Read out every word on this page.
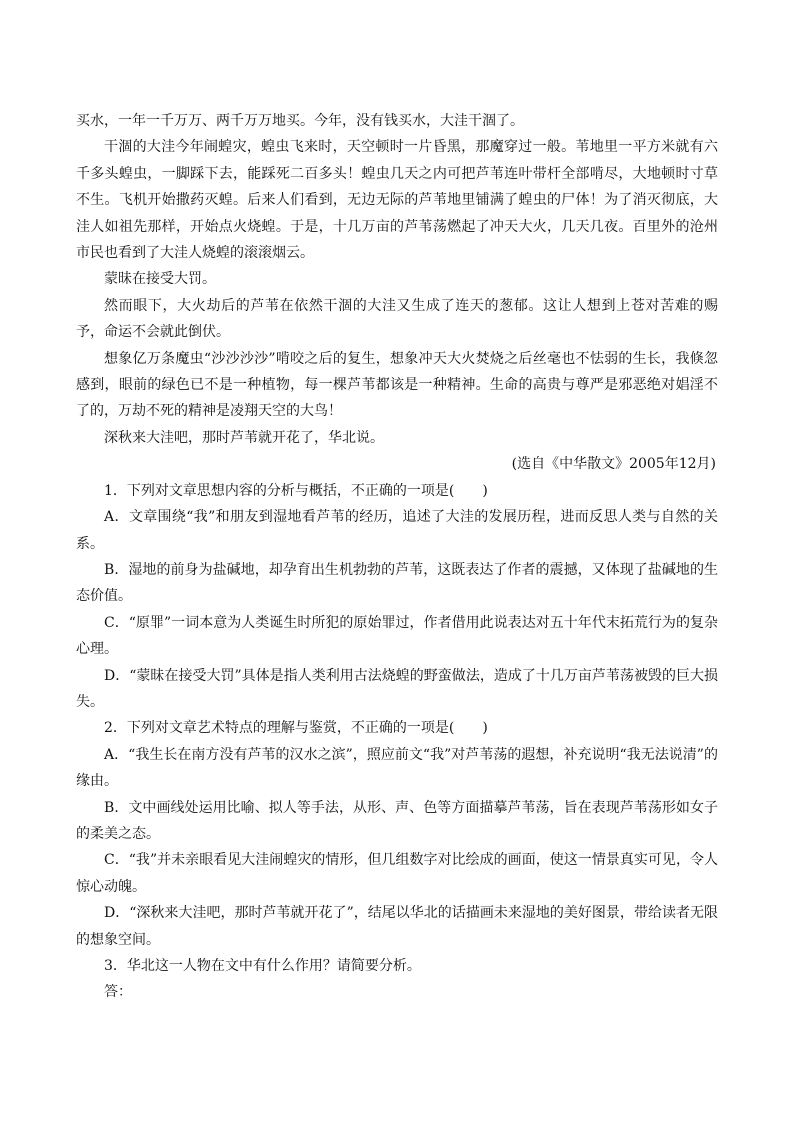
买水，一年一千万万、两千万万地买。今年，没有钱买水，大洼干涸了。

干涸的大洼今年闹蝗灾，蝗虫飞来时，天空顿时一片昏黑，那魔穿过一般。苇地里一平方米就有六千多头蝗虫，一脚踩下去，能踩死二百多头！蝗虫几天之内可把芦苇连叶带杆全部啃尽，大地顿时寸草不生。飞机开始撒药灭蝗。后来人们看到，无边无际的芦苇地里铺满了蝗虫的尸体！为了消灭彻底，大洼人如祖先那样，开始点火烧蝗。于是，十几万亩的芦苇荡燃起了冲天大火，几天几夜。百里外的沧州市民也看到了大洼人烧蝗的滚滚烟云。

蒙昧在接受大罚。

然而眼下，大火劫后的芦苇在依然干涸的大洼又生成了连天的葱郁。这让人想到上苍对苦难的赐予，命运不会就此倒伏。

想象亿万条魔虫“沙沙沙沙”啃咬之后的复生，想象冲天大火焚烧之后丝毫也不怯弱的生长，我倏忽感到，眼前的绿色已不是一种植物，每一棵芦苇都该是一种精神。生命的高贵与尊严是邪恶绝对娼淫不了的，万劫不死的精神是凌翔天空的大鸟！

深秋来大洼吧，那时芦苇就开花了，华北说。

(选自《中华散文》2005年12月)

1．下列对文章思想内容的分析与概括，不正确的一项是(　　)

A．文章围绕“我”和朋友到湿地看芦苇的经历，追述了大洼的发展历程，进而反思人类与自然的关系。

B．湿地的前身为盐碱地，却孕育出生机勃勃的芦苇，这既表达了作者的震撼，又体现了盐碱地的生态价值。

C．“原罪”一词本意为人类诞生时所犯的原始罪过，作者借用此说表达对五十年代末拓荒行为的复杂心理。

D．“蒙昧在接受大罚”具体是指人类利用古法烧蝗的野蛮做法，造成了十几万亩芦苇荡被毁的巨大损失。

2．下列对文章艺术特点的理解与鉴赏，不正确的一项是(　　)

A．“我生长在南方没有芦苇的汉水之滨”，照应前文“我”对芦苇荡的遐想，补充说明“我无法说清”的缘由。

B．文中画线处运用比喻、拟人等手法，从形、声、色等方面描摹芦苇荡，旨在表现芦苇荡形如女子的柔美之态。

C．“我”并未亲眼看见大洼闹蝗灾的情形，但几组数字对比绘成的画面，使这一情景真实可见，令人惊心动魄。

D．“深秋来大洼吧，那时芦苇就开花了”，结尾以华北的话描画未来湿地的美好图景，带给读者无限的想象空间。

3．华北这一人物在文中有什么作用？请简要分析。

答：
